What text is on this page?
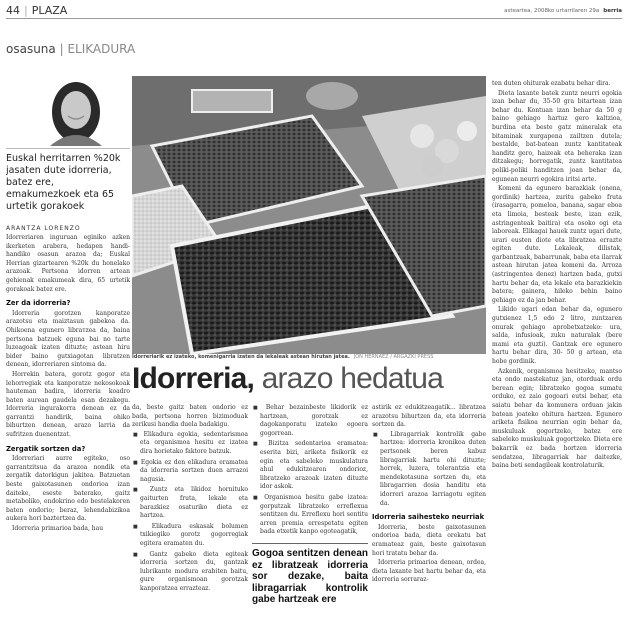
44 | PLAZA	astearteа, 2008ko urtarrilaren 29a berria
osasuna | ELIKADURA
Euskal herritarren %20k jasaten dute idorreria, batez ere, emakumezkoek eta 65 urtetik gorakoek
ARANTZA LORENZO

Idorreriaren inguruan eginiko azken ikerketen arabera, hedapen handi-handiko osasun arazoa da; Euskal Herrian gizarteаren %20k du honelako arazoak. Pertsona idorren artean gehienak emakumeak dira, 65 urtetik gorakoak batez ere.

Zer da idorreria?

Idorreria gorotzen kanporatze arazotsu eta maiztasun gabekoa da. Ohikoena egunero librатzea da, baina pertsona batzuek eguna bai no tarte luzeagoak izaten dituzte; astean hiru bider baino gutxiagotan libratzen denean, idorreriaren sintoma da.

Horrekin batera, gorotz gogor eta lehorregiak eta kanporatze nekosokoak hauteman badira, idorreria koadro baten aurean gaudela esan dezakegu. Idorreria ingurakorra denean ez da garrantzi handirik, baina ohiko bihurtzen denean, arazo larria da sufritzen duenentzat.

Zergatik sortzen da?

Idorreriari aurre egiteko, oso garrantzitsua da arazoa nondik eta zergatik datorkigun jakitea. Batzuetan beste gaixotasunen ondorioa izan daiteke, eseste baterako, gaitz metaboliko, endokrino edo bestelakoren baten ondorio; beraz, lehendabizikoa aukera hori baztertzea da.

Idorreria primarioa bada, hau

Idorreriarik ez izateko, komenigarria izaten da lekaleak astean hirutan jatea. JON HERNAEZ / ARGAZKI PRESS
Idorreria, arazo hedatua

da, beste gaitz baten ondorio ez bada, pertsona horren bizimoduak zerikusi handia duela badakigu.

■ Elikadura egokia, sedentarismoa eta organismoa hesitu ez izatea dira horietako faktore batzuk.
■ Egokia ez den elikadura eramatea da idorreria sortzen duen arrazoi nagusia.
■ Zuntz eta likidoz hornituko gaiturten fruta, lekale eta barazkiez osaturiko dieta ez hartzea.
■ Elikadura eskasak bolumen txikiegiko gorotz gogorregiak egitera eramaten du.
■ Gantz gabeko dieta egiteak idorreria sortzen du, gantzak lubrikante modura erabiten baitu, gure organismoan gorotzak kanporatzea errazteaz.
■ Behar bezainbeste likidorik ez hartzean, gorotzak ez dagokanporatu izateko egoera gogorrean.
■ Bizitza sedentarioa eramatea: eserita bizi, ariketa fisikorik ez egin eta sabeleko muskulatura ahul edukitzearen ondorioz, libratzeko arazoak izaten dituzte idor askok.
■ Organismoa hesitu gabe izatea: gorputzak libratzeko erreflexua sentitzen du. Erreflexu hori sentitu arren premia errespetatu egiten bada etxetik kanpo egoteagatik,
Gogoa sentitzen denean ez libratzeak idorreria sor dezake, baita libragarriak kontrolik gabe hartzeak ere

astirik ez edukitzeagatik... libratzea arazotsu bihurtzen da, eta idorreria sortzen da.

■ Libragarriak kontrolik gabe hartzea: idorreria kronikoa duten pertsonek beren kabuz libragarriak hartu ohi dituzte; horrek, luzera, tolerantzia eta mendekotasuna sortzen du, eta libragarrien dosia handitu eta idorreri arazoa larriagotu egiten da.
Idorreria saihesteko neurriak

Idorreria, beste gaixotasunen ondorioa bada, dieta orekatu bat eramateaz gain, beste gaixotasun hori tratatu behar da.

Idorreria primarioa denean, ordea, dieta laxante bat hartu behar da, eta idorreria sorraraz-

ten duten ohiturak ezabatu behar dira.

Dieta laxante batek zuntz neurri egokia izan behar du, 35-50 gra bitartean izan behar du. Kontuan izan behar da 50 g baino gehiago hartuz gero kaltzioa, burdina eta beste gatz mineralak eta bitaminak xurgapena zailtzen dutela; bestalde, bat-batean zuntz kantitateak handitz gero, haizeak eta beheraka izan ditzakegu; horregatik, zuntz kantitatea poliki-poliki handitzen joan behar da, egunean neurri egokira iritsi arte.

Komeni da egunero barazkiak (onena, gordinik) hartzea, zuritu gabeko fruta (irasagarra, pomeloa, banana, sagar eboa eta limoia, besteak beste, izan ezik, astringenteak baitira) eta osoko ogi eta laboreak. Elikagai hauek zuntz ugari dute, urari eusten diote eta libratzea errazte egiten dute. Lekaleak, dilistak, garbantzuak, babarrunak, baba eta ilarrak astean hirutan jatea komeni da. Arroza (astringentea denez) hartzen bada, gutxi hartu behar da, eta lekale eta barazkiekin batera; gainera, hileko behin baino gehiago ez da jan behar.

Likido ugari edan behar da, egunero gutxienez 1,5 edo 2 litro, zuntzaren onurak gehiago aprobetxatzeko: ura, salda, infusioak, zuku naturalak (bere mami eta guzti). Gantzak ere egunero hartu behar dira, 30- 50 g artean, eta hobe gordinik.

Azkenik, organismoa hesitzeko, mantso eta ondo mastekatuz jan, otorduak ordu berean egin; libratzeko gogoa sumatu orduko, ez zaio gogoari eutsi behar, eta saiatu behar da komunera orduan jakin batean joateko ohitura hartzen. Egunero ariketa fisikoa neurrian egin behar da, muskuluak gogortzeko, batez ere sabeleko muskuluak gogortzeko. Dieta ere bakarrik ez bada hortzen idorreria sendatzea, libragarriak har daitezke, baina beti sendagileak kontrolaturik.
